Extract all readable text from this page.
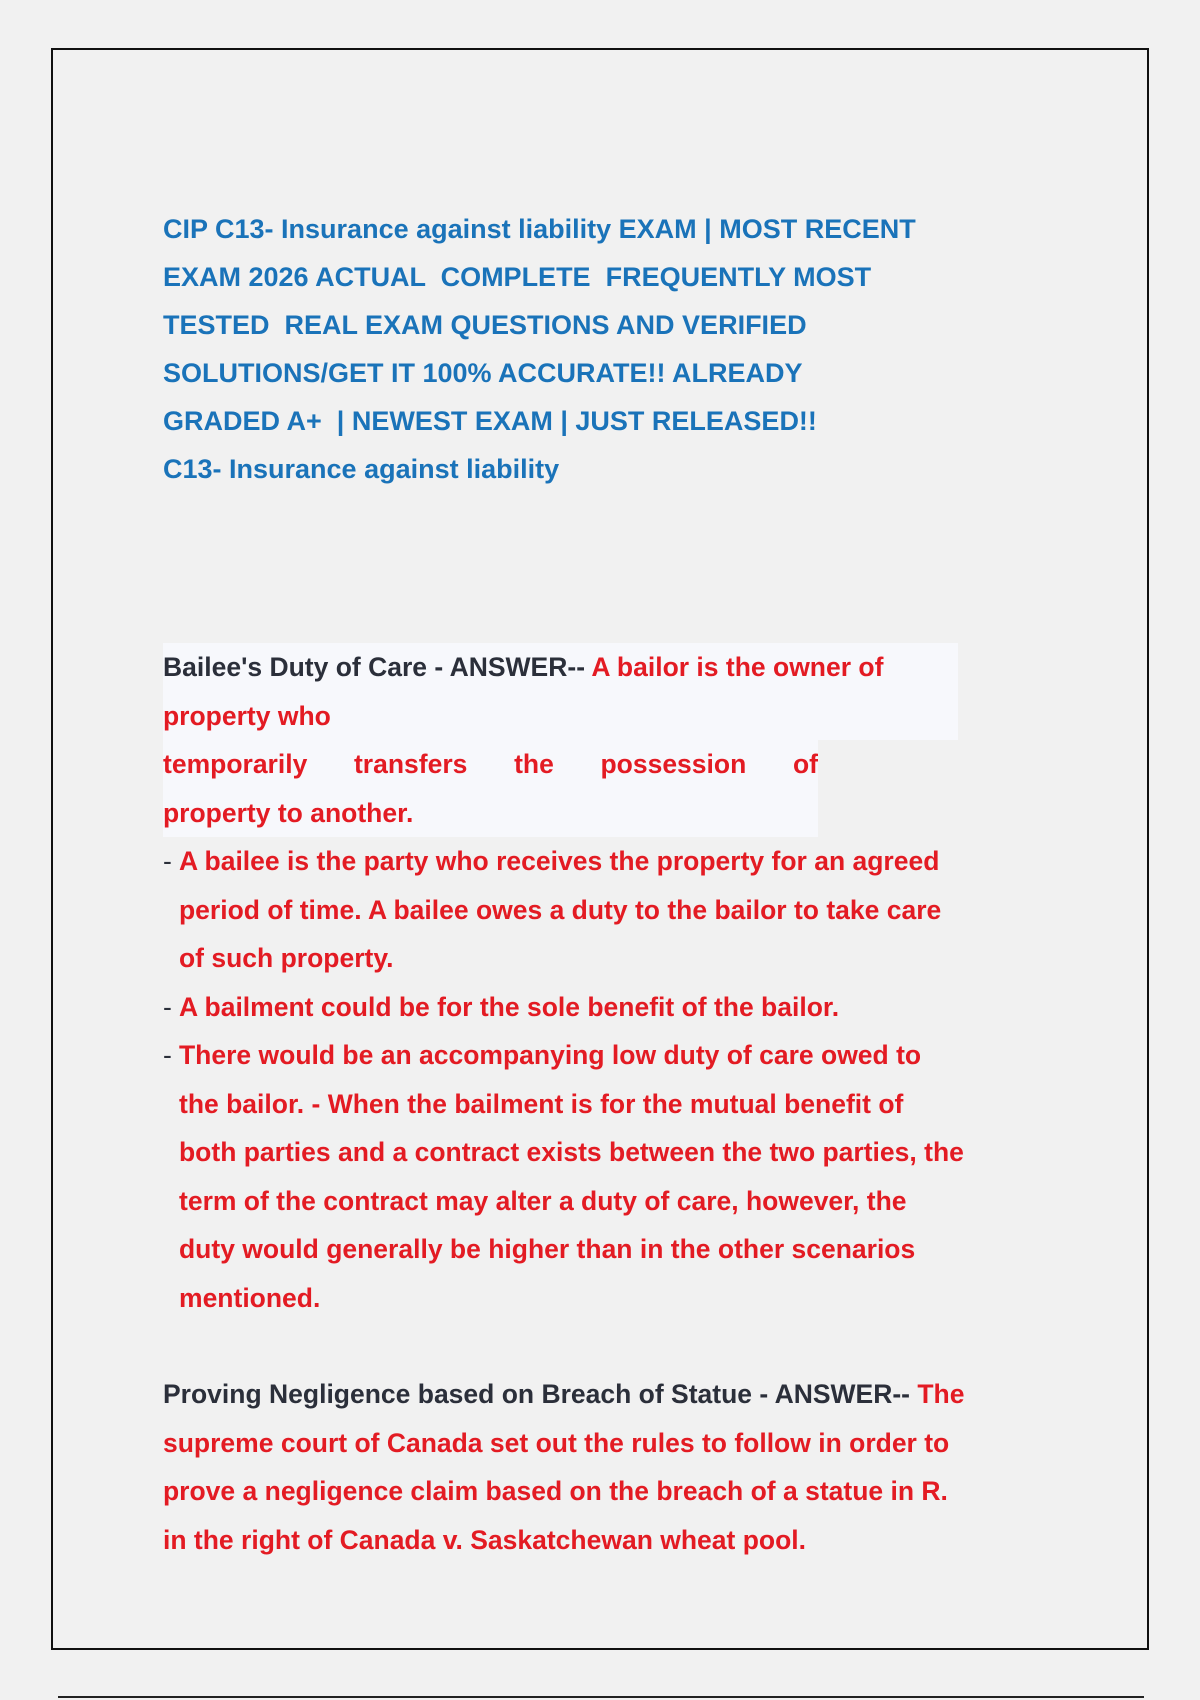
CIP C13- Insurance against liability EXAM | MOST RECENT
EXAM 2026 ACTUAL  COMPLETE  FREQUENTLY MOST
TESTED  REAL EXAM QUESTIONS AND VERIFIED
SOLUTIONS/GET IT 100% ACCURATE!! ALREADY
GRADED A+  | NEWEST EXAM | JUST RELEASED!!
C13- Insurance against liability
Bailee's Duty of Care - ANSWER-- A bailor is the owner of
property who

temporarily transfers the possession of
property to another.
- A bailee is the party who receives the property for an agreed
period of time. A bailee owes a duty to the bailor to take care
of such property.
- A bailment could be for the sole benefit of the bailor.
- There would be an accompanying low duty of care owed to
the bailor. - When the bailment is for the mutual benefit of
both parties and a contract exists between the two parties, the
term of the contract may alter a duty of care, however, the
duty would generally be higher than in the other scenarios
mentioned.
Proving Negligence based on Breach of Statue - ANSWER-- The
supreme court of Canada set out the rules to follow in order to
prove a negligence claim based on the breach of a statue in R.
in the right of Canada v. Saskatchewan wheat pool.
